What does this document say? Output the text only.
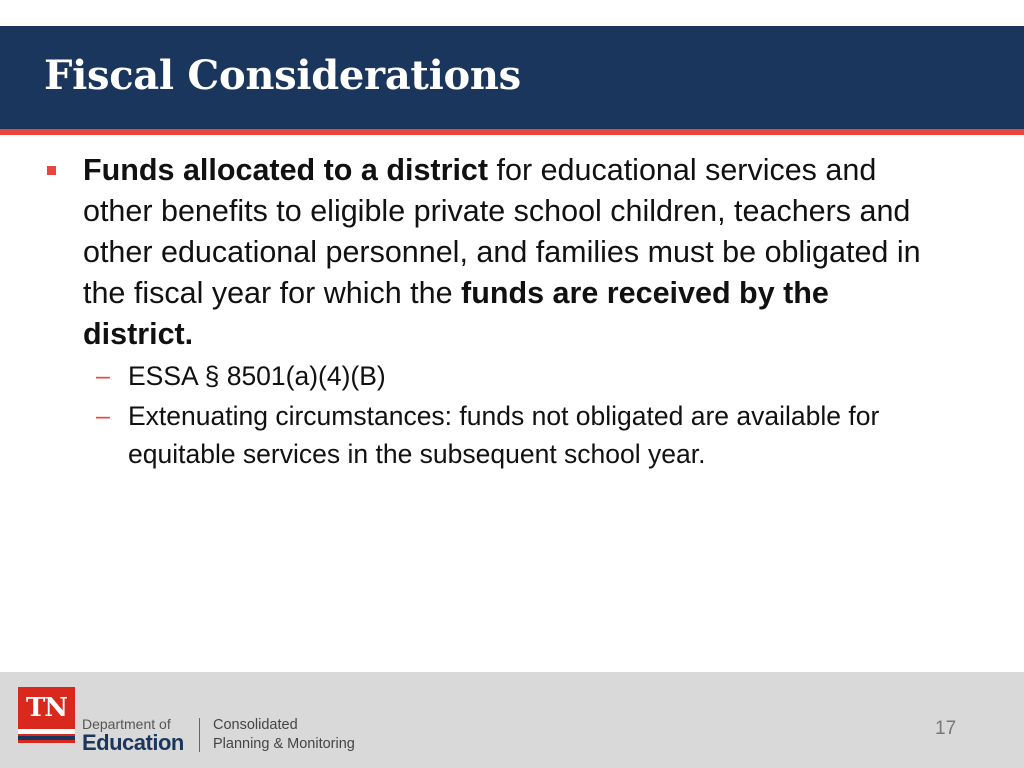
Fiscal Considerations
Funds allocated to a district for educational services and other benefits to eligible private school children, teachers and other educational personnel, and families must be obligated in the fiscal year for which the funds are received by the district.
– ESSA § 8501(a)(4)(B)
– Extenuating circumstances: funds not obligated are available for equitable services in the subsequent school year.
TN
Department of
Education
Consolidated
Planning & Monitoring
17
